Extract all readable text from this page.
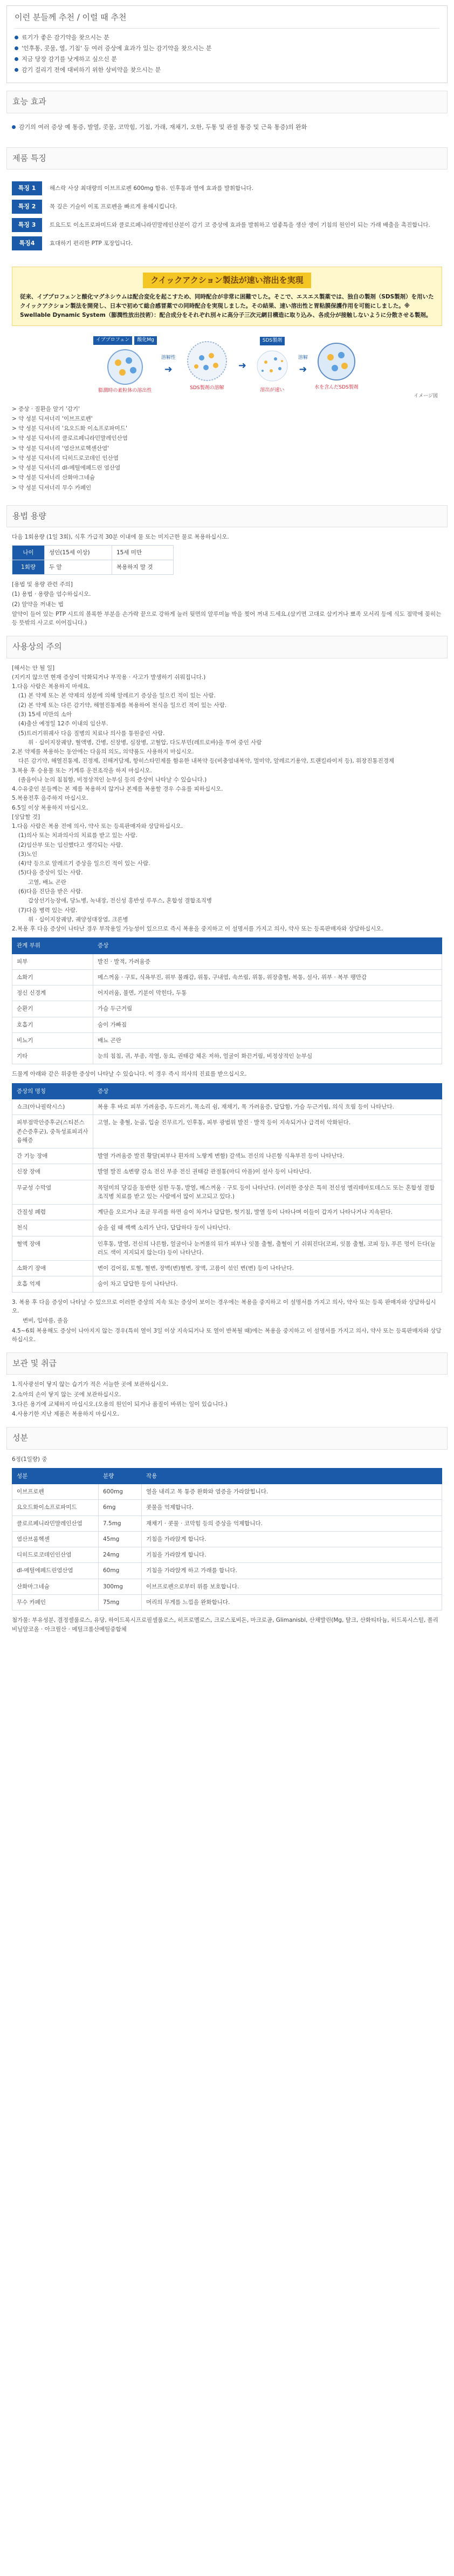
이런 분들께 추천 / 이럴 때 추천
료기가 좋은 감기약을 찾으시는 분
'인후통, 콧물, 열, 기침' 등 여러 증상에 효과가 있는 감기약을 찾으시는 분
지금 당장 감기를 낫게하고 싶으신 분
감기 걸리기 전에 대비하기 위한 상비약을 찾으시는 분
효능 효과
감기의 여러 증상 예 통증, 발열, 콧물, 코막힘, 기침, 가래, 재채기, 오한, 두통 및 관절 통증 및 근육 통증)의 완화
제품 특징
특징 1	해스락 사상 최대량의 이브프로펜 600mg 함유. 인후통과 열에 효과를 발휘합니다.
특징 2	목 깊은 기슬이 이포 프로펜을 빠르게 용해시킵니다.
특징 3	트요드토 이소프로파미드와 클로르페니라민말레인산분이 감기 코 증상에 효과를 발휘하고 염좋특을 생산 생이 기침의 원인이 되는 가래 배출을 촉진합니다.
특징4	효대하기 편리한 PTP 포장입니다.
クイックアクション製法が速い溶出を実現
従来、イブプロフェンと酸化マグネシウムは配合変化を起こすため、同時配合が非常に困難でした。そこで、エスエス製薬では、独自の製剤（SDS製剤）を用いたクイックアクション製法を開発し、日本で初めて総合感冒薬での同時配合を実現しました。その結果、速い溶出性と胃粘膜保護作用を可能にしました。※ Swellable Dynamic System（膨潤性放出技術）：配合成分をそれぞれ別々に高分子三次元網目構造に取り込み、各成分が接触しないように分散させる製剤。
イブプロフェン	酸化Mg
膨潤時の素粒体の溶出性
溶解性
➜
SDS製剤の溶解
➜
SDS製剤
溶出が速い
溶解
➜
水を含んだSDS製剤
イメージ図
> 증상 · 질환을 알기 '감기'
> 약 성분 딕셔너리 '이브프로펜'
> 약 성분 딕셔너리 '요오드화 이소프로파미드'
> 약 성분 딕셔너리 클로르페니라민말레인산염
> 약 성분 딕셔너리 '염산브로혝센산염'
> 약 성분 딕셔너리 디히드로코데인 인산염
> 약 성분 딕셔너리 dl-메틸에페드린 염산염
> 약 성분 딕셔너리 산화마그네슘
> 약 성분 딕셔너리 무수 카페인
용법 용량
다음 1회용량 (1일 3회), 식후 가급적 30분 이내에 물 또는 미지근한 물로 복용하십시오.
나이	성인(15세 이상)	15세 미만
1회량	두 알	복용하지 말 것

[용법 및 용량 관련 주의]

(1) 용법 · 용량을 엄수하십시오.

(2) 알약을 꺼내는 법

알약이 들어 있는 PTP 시트의 볼록한 부분을 손가락 끝으로 강하게 눌러 뒷면의 알루미늄 박을 찢어 꺼내 드세요.(삼키면 고대로 삼키거나 뾰족 모서리 등에 식도 점막에 꽂히는 등 뜻밖의 사고로 이어집니다.)

사용상의 주의

[해서는 안 될 일]

(지키지 않으면 현재 증상이 악화되거나 부작용 · 사고가 발생하기 쉬워집니다.)

1.다음 사람은 복용하지 마세요.

(1) 본 약제 또는 본 약제의 성분에 의해 알레르기 증상을 일으킨 적이 있는 사람.

(2) 본 약제 또는 다른 감기약, 해열진통제를 복용하여 천식을 일으킨 적이 있는 사람.

(3) 15세 미만의 소아

(4)출산 예정일 12주 이내의 임산부.

(5)트러기위궤사 다음 질병의 치료나 의사를 통원중인 사람.

위 · 십이지장궤양, 혈액병, 간병, 신장병, 심장병, 고혈압, 다도부민(레트로바)을 투여 중인 사람

2.본 약제를 복용하는 동안에는 다음의 의도, 의약품도 사용하지 마십시오.

다른 감기약, 해열진통제, 진정제, 진해거담제, 항히스타민제를 함유한 내복약 등(비충염내복약, 멀미약, 알레르기용약, 트랜킬라이저 등), 위장진통진경제

3.복용 후 승용물 또는 기계류 운전조작을 하지 마십시오.

(졸음이나 눈의 침침함, 비정상적인 눈부심 등의 증상이 나타날 수 있습니다.)

4.수유중인 분들께는 본 제를 복용하지 않거나 본제를 복용할 경우 수유를 피하십시오.

5.복용전후 음주하지 마십시오.

6.5일 이상 복용하지 마십시오.

[상담할 것]

1.다음 사람은 복용 전에 의사, 약사 또는 등록판매자와 상담하십시오.

(1)의사 또는 치과의사의 치료를 받고 있는 사람.

(2)임산부 또는 임신했다고 생각되는 사람.

(3)노인

(4)약 등으로 알레르기 증상을 일으킨 적이 있는 사람.

(5)다음 증상이 있는 사람.

고열, 배뇨 곤란

(6)다음 진단을 받은 사람.

갑상선기능장애, 당뇨병, 녹내장, 전신성 홍반성 루푸스, 혼합성 결합조직병

(7)다음 병력 있는 사람.

위 · 십이지장궤양, 궤양성대장염, 크론병

2.복용 후 다음 증상이 나타난 경우 부작용일 가능성이 있으므로 즉시 복용을 중지하고 이 설명서를 가지고 의사, 약사 또는 등록판매자와 상담하십시오.

관계 부위	증상
피부	발진 · 발적, 가려움증
소화기	메스꺼움 · 구토, 식욕부진, 위부 불쾌감, 위통, 구내염, 속쓰림, 위통, 위장출혈, 복통, 설사, 위부 · 복부 팽만감
정신 신경계	어지러움, 불면, 기분이 막힌다, 두통
순환기	가슴 두근거림
호흡기	숨이 가빠짐
비뇨기	배뇨 곤란
기타	눈의 침침, 귀, 부종, 작열, 동요, 권태감 체온 저하, 얼굴이 화끈거림, 비정상적인 눈부심

드물게 아래와 같은 위중한 증상이 나타날 수 있습니다. 이 경우 즉시 의사의 진료를 받으십시오.

증상의 명칭	증상
쇼크(아나필락시스)	복용 후 바로 피부 가려움증, 두드러기, 목소리 쉼, 재채기, 목 가려움증, 답답함, 가슴 두근거림, 의식 흐림 등이 나타난다.
피부점막안증후군(스티븐스존슨증후군), 중독성표피괴사융해증	고열, 눈 충혈, 눈곱, 입술 진무르기, 인후통, 피부 광범위 발진 · 발적 등이 지속되거나 급격히 악화된다.
간 기능 장애	발열 가려움증 발진 황달(피부나 흰자의 노랗게 변함) 갈색뇨 전신의 나른함 식욕부진 등이 나타난다.
신장 장애	발열 발진 소변량 감소 전신 부종 전신 권태감 관절통(마디 아픔)이 설사 등이 나타난다.
무균성 수막염	목덜미의 당김을 동반한 심한 두통, 발열, 메스꺼움 · 구토 등이 나타난다. (이러한 증상은 특히 전신성 엘리테마토데스도 또는 혼합성 결합조직병 치료를 받고 있는 사람에서 많이 보고되고 있다.)
간질성 폐렴	계단을 오르거나 조금 무리를 하면 숨이 차거나 답답한, 헛기침, 발열 등이 나타나며 이들이 갑자기 나타나거나 지속된다.
천식	숨을 쉴 때 쌕쌕 소리가 난다, 답답하다 등이 나타난다.
혈액 장애	인후통, 발열, 전신의 나른함, 얼굴이나 눈꺼풀의 뒤가 피부나 잇몸 출혈, 출혈이 기 쉬워진다(코피, 잇몸 출혈, 코피 등), 푸른 멍이 든다(눌러도 색이 지지되지 않는다) 등이 나타난다.
소화기 장애	변이 검어짐, 토혈, 혈변, 장벽(변)혈변, 장액, 고름이 섞인 변(변) 등이 나타난다.
호흡 억제	숨이 차고 답답한 등이 나타난다.

3. 복용 후 다음 증상이 나타날 수 있으므로 이러한 증상의 지속 또는 증상이 보이는 경우에는 복용을 중지하고 이 설명서를 가지고 의사, 약사 또는 등록 판매자와 상담하십시오.

변비, 입마름, 졸음

4.5~6회 복용해도 증상이 나아지지 않는 경우(특히 열이 3일 이상 지속되거나 또 열이 반복될 때)에는 복용을 중지하고 이 설명서를 가지고 의사, 약사 또는 등록판매자와 상담하십시오.

보관 및 취급

1.직사광선이 닿지 않는 습기가 적은 서늘한 곳에 보관하십시오.

2.소아의 손이 닿지 않는 곳에 보관하십시오.

3.다른 용기에 교체하지 마십시오.(오용의 원인이 되거나 품질이 바뀌는 일이 있습니다.)

4.사용기한 지난 제품은 복용하지 마십시오.

성분

6정(1일량) 중

성분	분량	작용
이브프로펜	600mg	열을 내리고 목 통증 완화와 염증을 가라앉힙니다.
요오드화이소프로파미드	6mg	콧물을 억제합니다.
클로르페니라민말레인산염	7.5mg	재채기 · 콧물 · 코막힘 등의 증상을 억제합니다.
염산브롬헥센	45mg	기침을 가라앉게 합니다.
디히드로코데인인산염	24mg	기침을 가라앉게 합니다.
dl-메틸에페드린염산염	60mg	기침을 가라앉게 하고 가래를 합니다.
산화마그네슘	300mg	이브프로펜으로부터 위를 보호합니다.
무수 카페인	75mg	머리의 무게를 느낌을 완화합니다.

첨가물: 부유성분, 결정셀룰로스, 유당, 하이드록시프로필셀룰로스, 히프로멜로스, 크로스포비돈, 마크로골, Glimanisbl, 산채발린(Mg, 탈크, 산화티타늄, 히드록시스털, 폴리비닐알코올 · 아크릴산 · 메틸크롤산메틸중합체
